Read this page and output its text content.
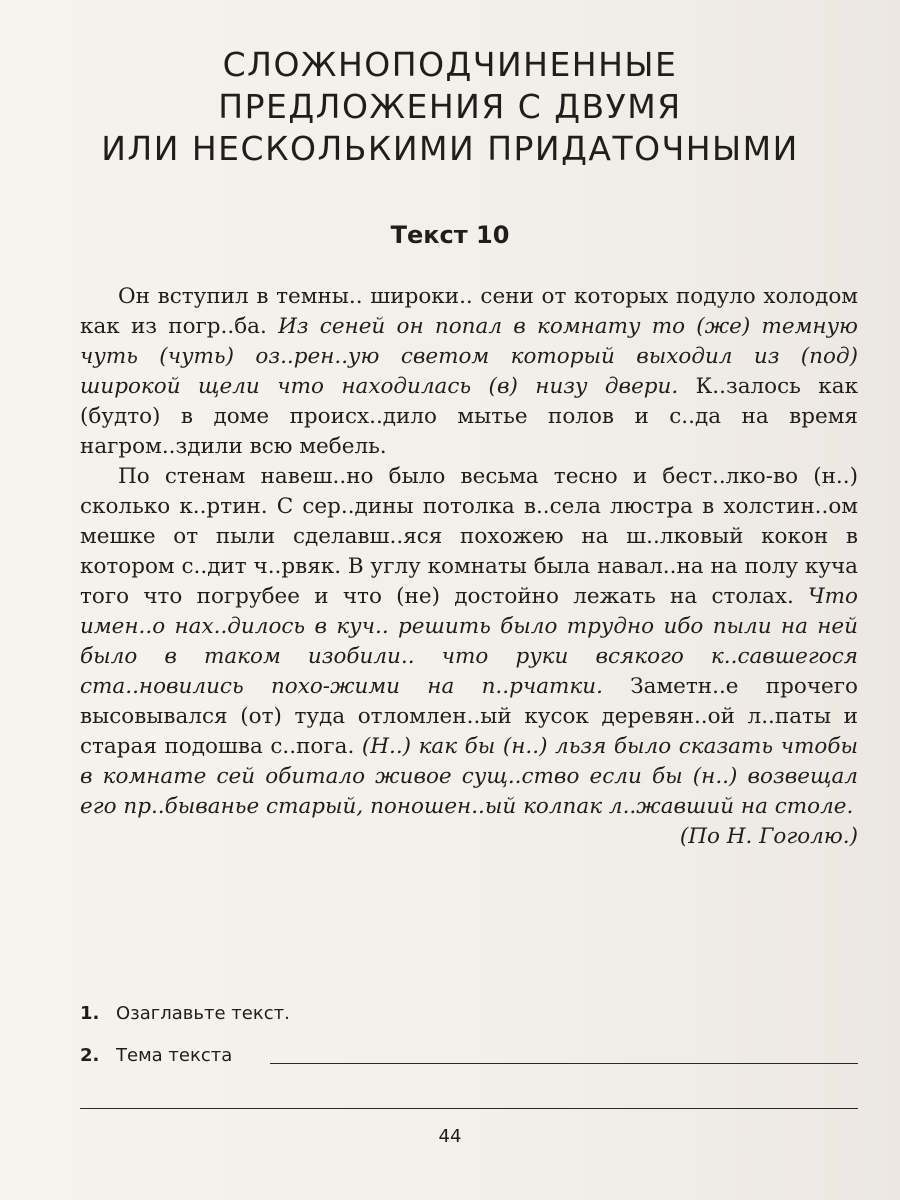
СЛОЖНОПОДЧИНЕННЫЕ
ПРЕДЛОЖЕНИЯ С ДВУМЯ
ИЛИ НЕСКОЛЬКИМИ ПРИДАТОЧНЫМИ
Текст 10

Он вступил в темны.. широки.. сени от которых подуло холодом как из погр..ба. Из сеней он попал в комнату то (же) темную чуть (чуть) оз..рен..ую светом который выходил из (под) широкой щели что находилась (в) низу двери. К..залось как (будто) в доме происх..дило мытье полов и с..да на время нагром..здили всю мебель.

По стенам навеш..но было весьма тесно и бест..лко-во (н..) сколько к..ртин. С сер..дины потолка в..села люстра в холстин..ом мешке от пыли сделавш..яся похожею на ш..лковый кокон в котором с..дит ч..рвяк. В углу комнаты была навал..на на полу куча того что погрубее и что (не) достойно лежать на столах. Что имен..о нах..дилось в куч.. решить было трудно ибо пыли на ней было в таком изобили.. что руки всякого к..савшегося ста..новились похо-жими на п..рчатки. Заметн..е прочего высовывался (от) туда отломлен..ый кусок деревян..ой л..паты и старая подошва с..пога. (Н..) как бы (н..) льзя было сказать чтобы в комнате сей обитало живое сущ..ство если бы (н..) возвещал его пр..бываньe старый, поношен..ый колпак л..жавший на столе.
(По Н. Гоголю.)

1. Озаглавьте текст.
2. Тема текста
44
